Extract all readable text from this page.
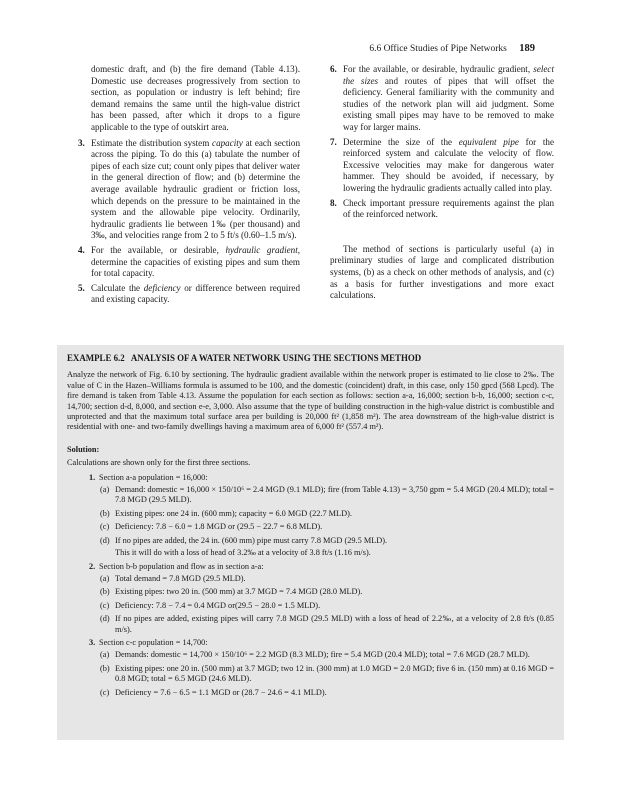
6.6 Office Studies of Pipe Networks 189
domestic draft, and (b) the fire demand (Table 4.13). Domestic use decreases progressively from section to section, as population or industry is left behind; fire demand remains the same until the high-value district has been passed, after which it drops to a figure applicable to the type of outskirt area.
3. Estimate the distribution system capacity at each section across the piping. To do this (a) tabulate the number of pipes of each size cut; count only pipes that deliver water in the general direction of flow; and (b) determine the average available hydraulic gradient or friction loss, which depends on the pressure to be maintained in the system and the allowable pipe velocity. Ordinarily, hydraulic gradients lie between 1‰ (per thousand) and 3‰, and velocities range from 2 to 5 ft/s (0.60–1.5 m/s).
4. For the available, or desirable, hydraulic gradient, determine the capacities of existing pipes and sum them for total capacity.
5. Calculate the deficiency or difference between required and existing capacity.
6. For the available, or desirable, hydraulic gradient, select the sizes and routes of pipes that will offset the deficiency. General familiarity with the community and studies of the network plan will aid judgment. Some existing small pipes may have to be removed to make way for larger mains.
7. Determine the size of the equivalent pipe for the reinforced system and calculate the velocity of flow. Excessive velocities may make for dangerous water hammer. They should be avoided, if necessary, by lowering the hydraulic gradients actually called into play.
8. Check important pressure requirements against the plan of the reinforced network.
The method of sections is particularly useful (a) in preliminary studies of large and complicated distribution systems, (b) as a check on other methods of analysis, and (c) as a basis for further investigations and more exact calculations.
EXAMPLE 6.2   ANALYSIS OF A WATER NETWORK USING THE SECTIONS METHOD
Analyze the network of Fig. 6.10 by sectioning. The hydraulic gradient available within the network proper is estimated to lie close to 2‰. The value of C in the Hazen–Williams formula is assumed to be 100, and the domestic (coincident) draft, in this case, only 150 gpcd (568 Lpcd). The fire demand is taken from Table 4.13. Assume the population for each section as follows: section a-a, 16,000; section b-b, 16,000; section c-c, 14,700; section d-d, 8,000, and section e-e, 3,000. Also assume that the type of building construction in the high-value district is combustible and unprotected and that the maximum total surface area per building is 20,000 ft² (1,858 m²). The area downstream of the high-value district is residential with one- and two-family dwellings having a maximum area of 6,000 ft² (557.4 m²).
Solution:
Calculations are shown only for the first three sections.
1. Section a-a population = 16,000:
(a) Demand: domestic = 16,000 × 150/10⁶ = 2.4 MGD (9.1 MLD); fire (from Table 4.13) = 3,750 gpm = 5.4 MGD (20.4 MLD); total = 7.8 MGD (29.5 MLD).
(b) Existing pipes: one 24 in. (600 mm); capacity = 6.0 MGD (22.7 MLD).
(c) Deficiency: 7.8 − 6.0 = 1.8 MGD or (29.5 − 22.7 = 6.8 MLD).
(d) If no pipes are added, the 24 in. (600 mm) pipe must carry 7.8 MGD (29.5 MLD).
This it will do with a loss of head of 3.2‰ at a velocity of 3.8 ft/s (1.16 m/s).
2. Section b-b population and flow as in section a-a:
(a) Total demand = 7.8 MGD (29.5 MLD).
(b) Existing pipes: two 20 in. (500 mm) at 3.7 MGD = 7.4 MGD (28.0 MLD).
(c) Deficiency: 7.8 − 7.4 = 0.4 MGD or(29.5 − 28.0 = 1.5 MLD).
(d) If no pipes are added, existing pipes will carry 7.8 MGD (29.5 MLD) with a loss of head of 2.2‰, at a velocity of 2.8 ft/s (0.85 m/s).
3. Section c-c population = 14,700:
(a) Demands: domestic = 14,700 × 150/10⁶ = 2.2 MGD (8.3 MLD); fire = 5.4 MGD (20.4 MLD); total = 7.6 MGD (28.7 MLD).
(b) Existing pipes: one 20 in. (500 mm) at 3.7 MGD; two 12 in. (300 mm) at 1.0 MGD = 2.0 MGD; five 6 in. (150 mm) at 0.16 MGD = 0.8 MGD; total = 6.5 MGD (24.6 MLD).
(c) Deficiency = 7.6 − 6.5 = 1.1 MGD or (28.7 − 24.6 = 4.1 MLD).
